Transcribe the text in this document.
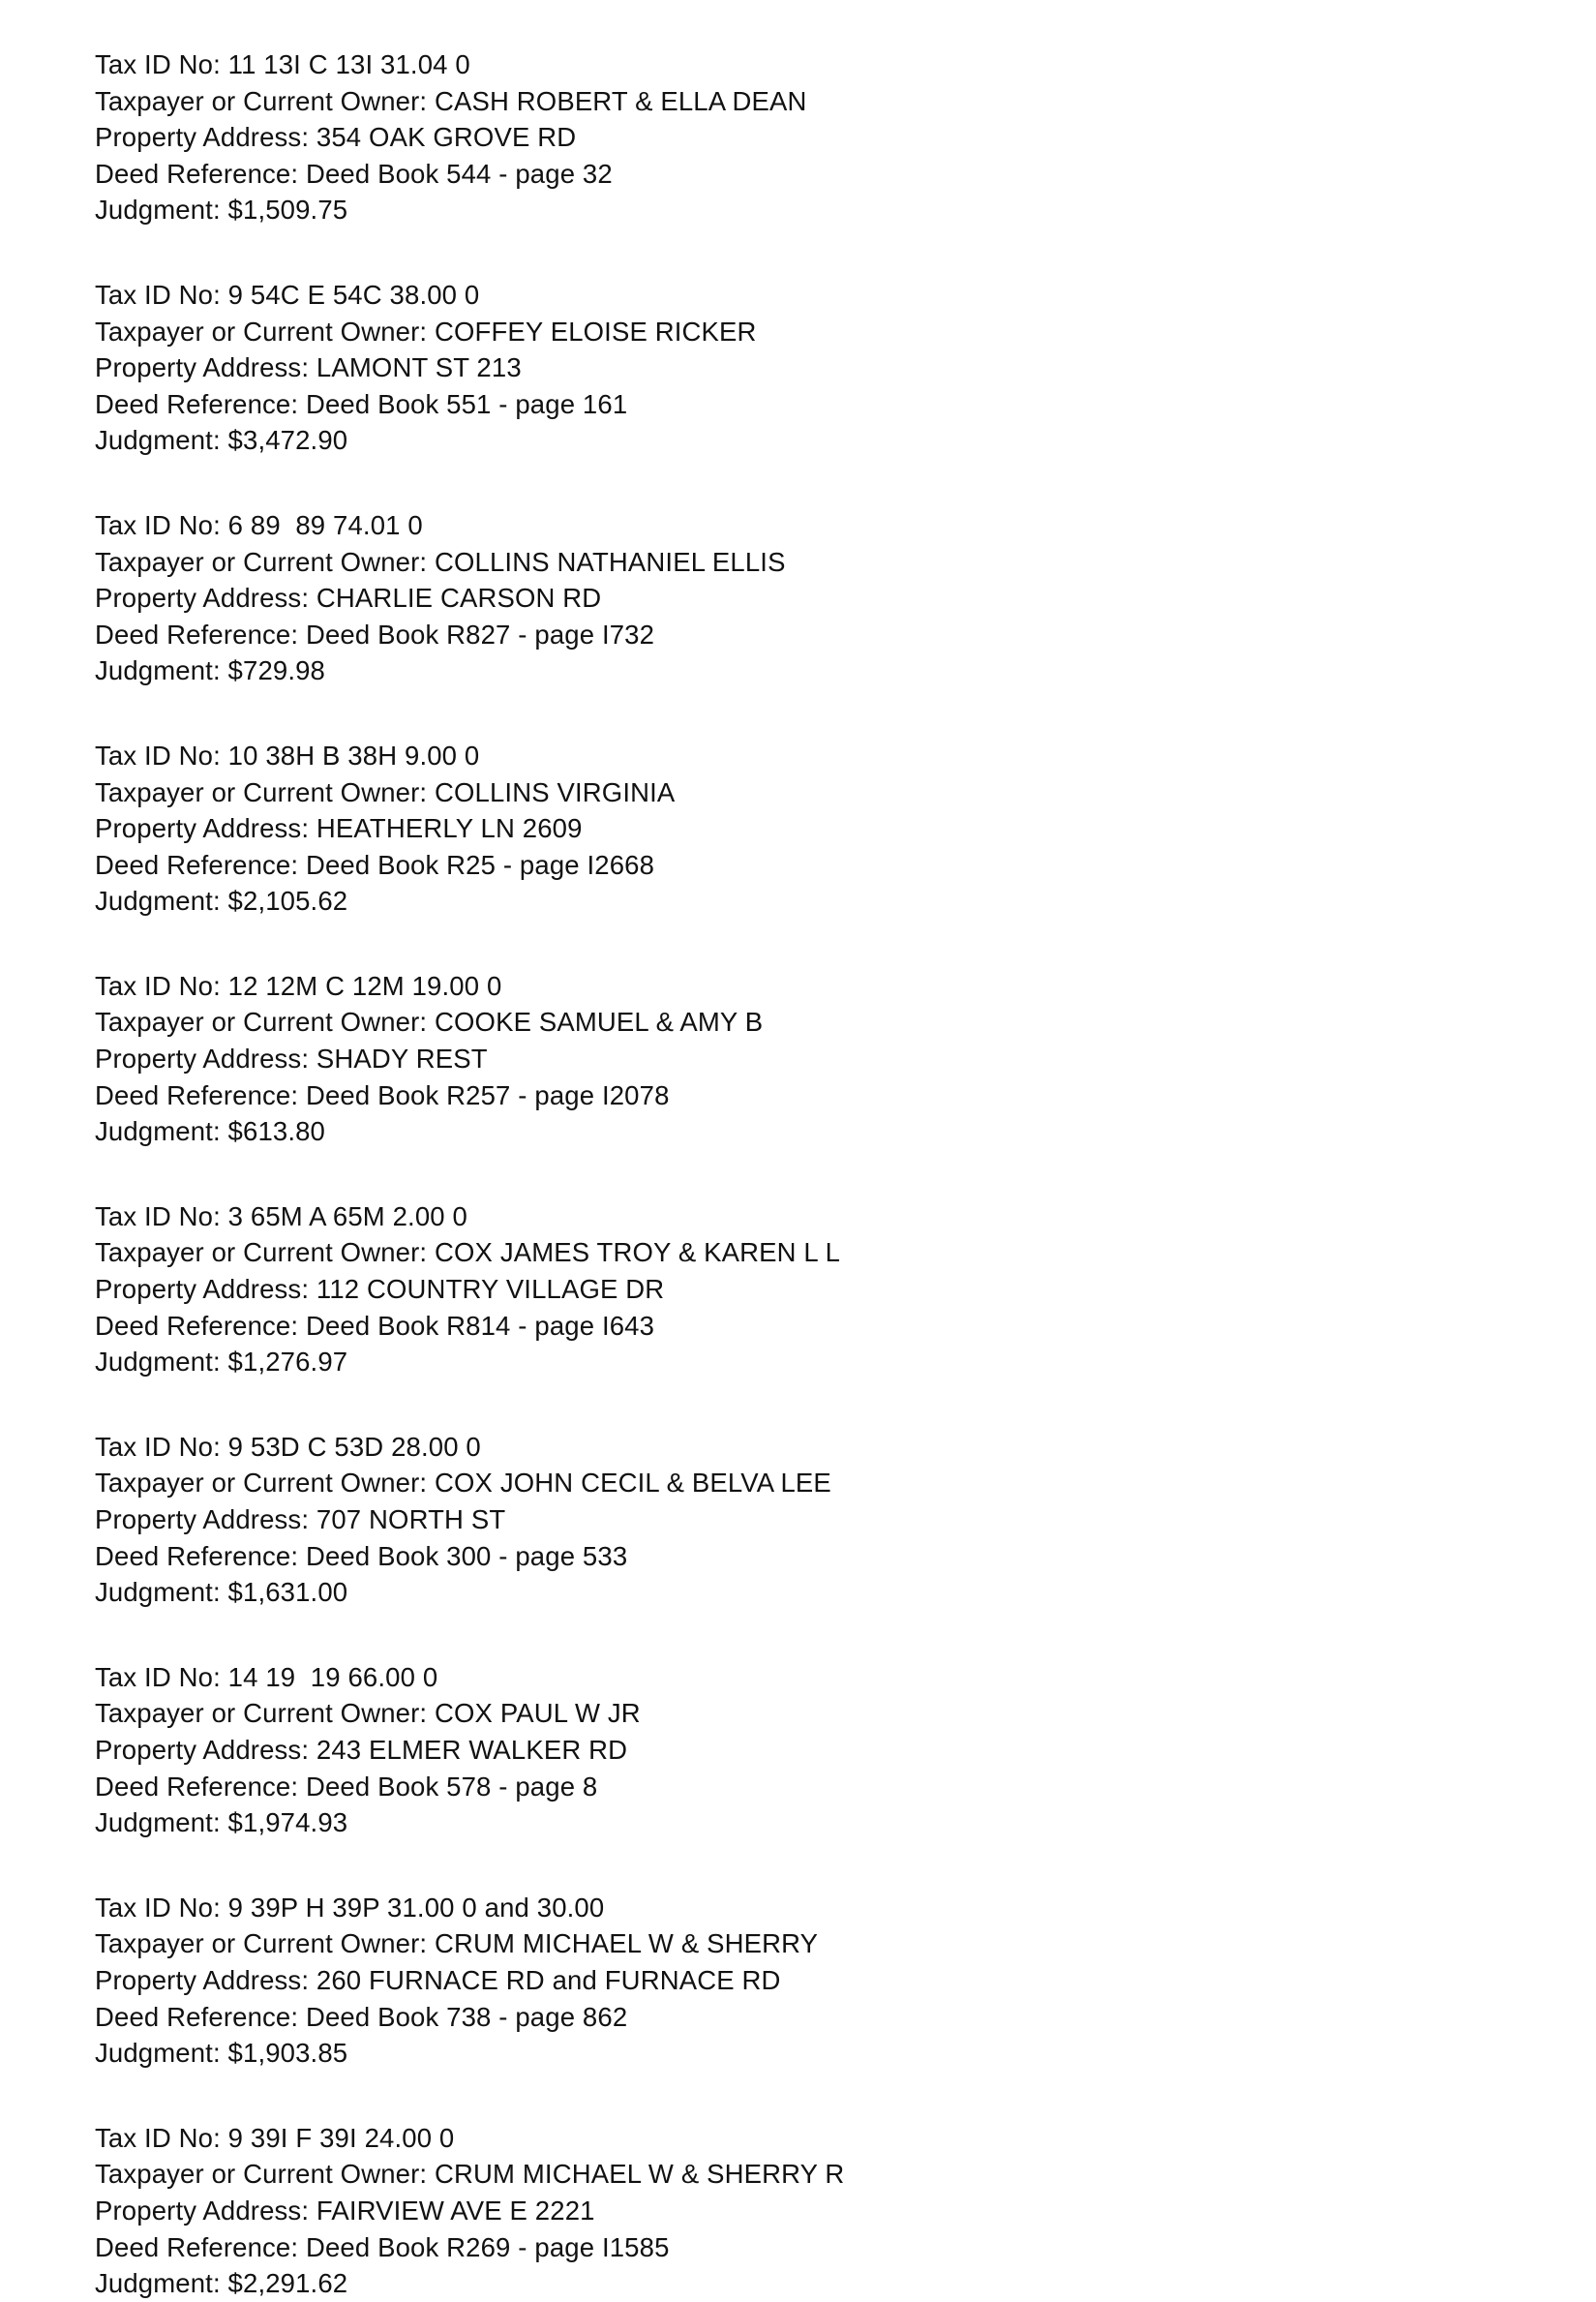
Tax ID No: 11 13I C 13I 31.04 0
Taxpayer or Current Owner: CASH ROBERT & ELLA DEAN
Property Address: 354 OAK GROVE RD
Deed Reference: Deed Book 544 - page 32
Judgment: $1,509.75
Tax ID No: 9 54C E 54C 38.00 0
Taxpayer or Current Owner: COFFEY ELOISE RICKER
Property Address: LAMONT ST 213
Deed Reference: Deed Book 551 - page 161
Judgment: $3,472.90
Tax ID No: 6 89  89 74.01 0
Taxpayer or Current Owner: COLLINS NATHANIEL ELLIS
Property Address: CHARLIE CARSON RD
Deed Reference: Deed Book R827 - page I732
Judgment: $729.98
Tax ID No: 10 38H B 38H 9.00 0
Taxpayer or Current Owner: COLLINS VIRGINIA
Property Address: HEATHERLY LN 2609
Deed Reference: Deed Book R25 - page I2668
Judgment: $2,105.62
Tax ID No: 12 12M C 12M 19.00 0
Taxpayer or Current Owner: COOKE SAMUEL & AMY B
Property Address: SHADY REST
Deed Reference: Deed Book R257 - page I2078
Judgment: $613.80
Tax ID No: 3 65M A 65M 2.00 0
Taxpayer or Current Owner: COX JAMES TROY & KAREN L L
Property Address: 112 COUNTRY VILLAGE DR
Deed Reference: Deed Book R814 - page I643
Judgment: $1,276.97
Tax ID No: 9 53D C 53D 28.00 0
Taxpayer or Current Owner: COX JOHN CECIL & BELVA LEE
Property Address: 707 NORTH ST
Deed Reference: Deed Book 300 - page 533
Judgment: $1,631.00
Tax ID No: 14 19  19 66.00 0
Taxpayer or Current Owner: COX PAUL W JR
Property Address: 243 ELMER WALKER RD
Deed Reference: Deed Book 578 - page 8
Judgment: $1,974.93
Tax ID No: 9 39P H 39P 31.00 0 and 30.00
Taxpayer or Current Owner: CRUM MICHAEL W & SHERRY
Property Address: 260 FURNACE RD and FURNACE RD
Deed Reference: Deed Book 738 - page 862
Judgment: $1,903.85
Tax ID No: 9 39I F 39I 24.00 0
Taxpayer or Current Owner: CRUM MICHAEL W & SHERRY R
Property Address: FAIRVIEW AVE E 2221
Deed Reference: Deed Book R269 - page I1585
Judgment: $2,291.62
